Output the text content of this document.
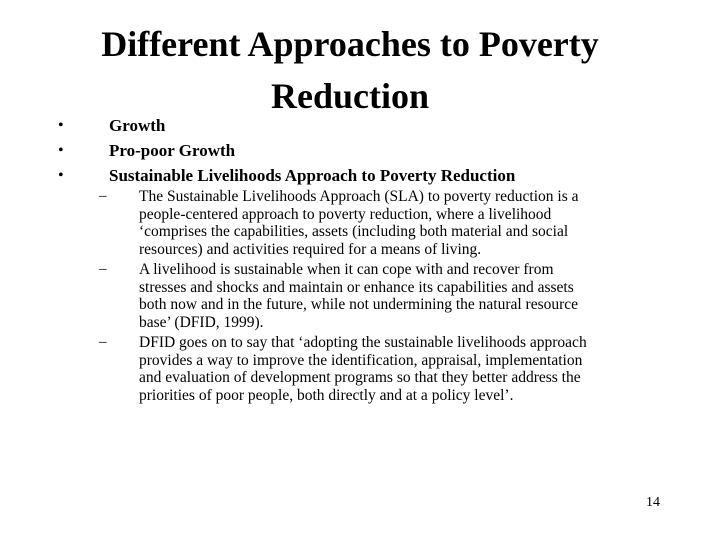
Different Approaches to Poverty
Reduction
•	Growth
•	Pro-poor Growth
•	Sustainable Livelihoods Approach to Poverty Reduction
– The Sustainable Livelihoods Approach (SLA) to poverty reduction is a
people-centered approach to poverty reduction, where a livelihood
‘comprises the capabilities, assets (including both material and social
resources) and activities required for a means of living.
– A livelihood is sustainable when it can cope with and recover from
stresses and shocks and maintain or enhance its capabilities and assets
both now and in the future, while not undermining the natural resource
base’ (DFID, 1999).
– DFID goes on to say that ‘adopting the sustainable livelihoods approach
provides a way to improve the identification, appraisal, implementation
and evaluation of development programs so that they better address the
priorities of poor people, both directly and at a policy level’.
14
